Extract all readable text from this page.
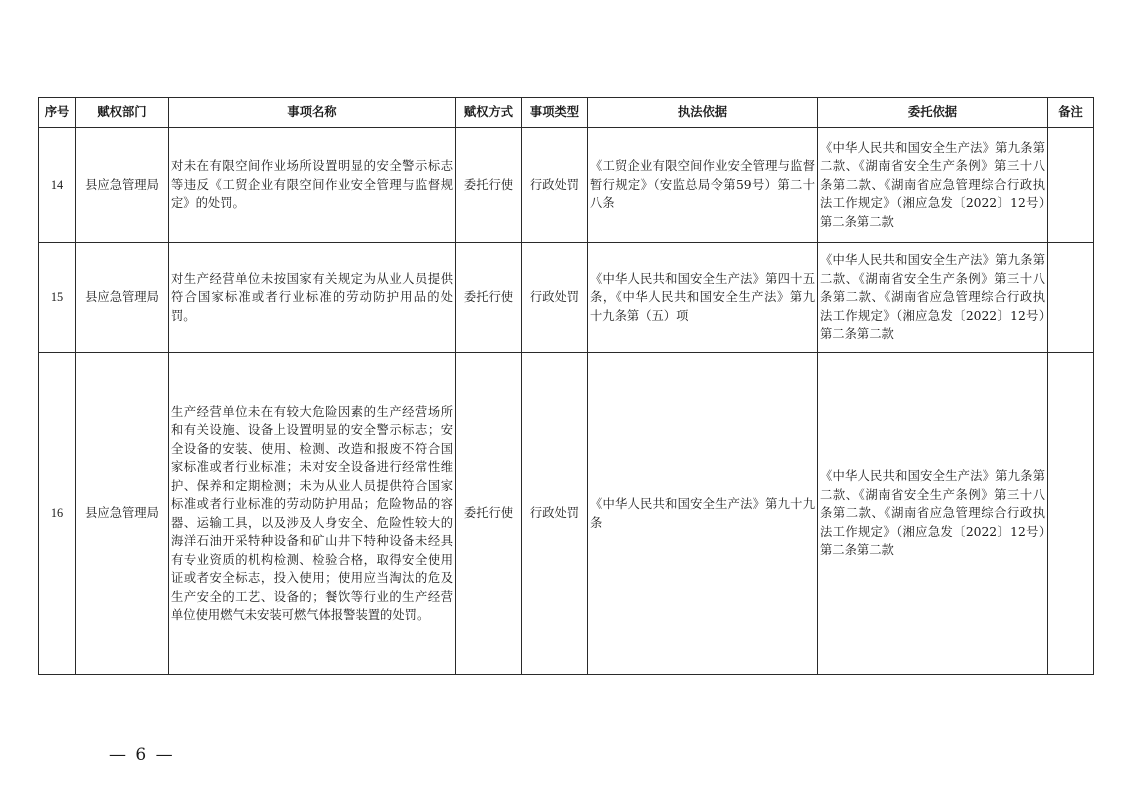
序号	赋权部门	事项名称	赋权方式	事项类型	执法依据	委托依据	备注
14	县应急管理局	对未在有限空间作业场所设置明显的安全警示标志等违反《工贸企业有限空间作业安全管理与监督规定》的处罚。	委托行使	行政处罚	《工贸企业有限空间作业安全管理与监督暂行规定》（安监总局令第59号）第二十八条	《中华人民共和国安全生产法》第九条第二款、《湖南省安全生产条例》第三十八条第二款、《湖南省应急管理综合行政执法工作规定》（湘应急发〔2022〕12号）第二条第二款	
15	县应急管理局	对生产经营单位未按国家有关规定为从业人员提供符合国家标准或者行业标准的劳动防护用品的处罚。	委托行使	行政处罚	《中华人民共和国安全生产法》第四十五条，《中华人民共和国安全生产法》第九十九条第（五）项	《中华人民共和国安全生产法》第九条第二款、《湖南省安全生产条例》第三十八条第二款、《湖南省应急管理综合行政执法工作规定》（湘应急发〔2022〕12号）第二条第二款	
16	县应急管理局	生产经营单位未在有较大危险因素的生产经营场所和有关设施、设备上设置明显的安全警示标志；安全设备的安装、使用、检测、改造和报废不符合国家标准或者行业标准；未对安全设备进行经常性维护、保养和定期检测；未为从业人员提供符合国家标准或者行业标准的劳动防护用品；危险物品的容器、运输工具，以及涉及人身安全、危险性较大的海洋石油开采特种设备和矿山井下特种设备未经具有专业资质的机构检测、检验合格，取得安全使用证或者安全标志，投入使用；使用应当淘汰的危及生产安全的工艺、设备的；餐饮等行业的生产经营单位使用燃气未安装可燃气体报警装置的处罚。	委托行使	行政处罚	《中华人民共和国安全生产法》第九十九条	《中华人民共和国安全生产法》第九条第二款、《湖南省安全生产条例》第三十八条第二款、《湖南省应急管理综合行政执法工作规定》（湘应急发〔2022〕12号）第二条第二款	
— 6 —
